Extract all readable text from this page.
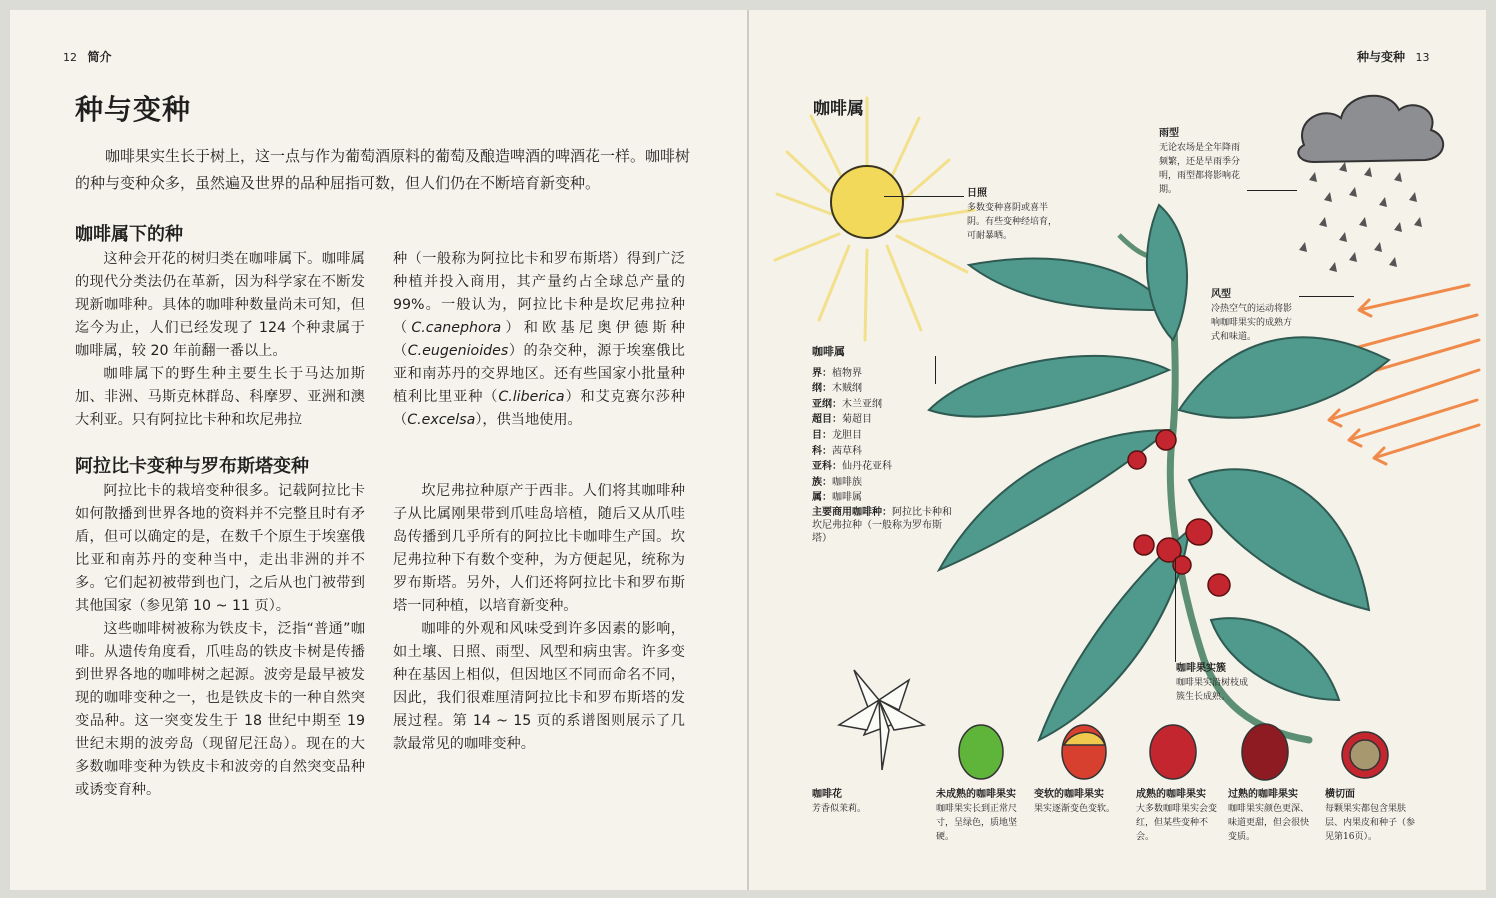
12 简介
种与变种

咖啡果实生长于树上，这一点与作为葡萄酒原料的葡萄及酿造啤酒的啤酒花一样。咖啡树的种与变种众多，虽然遍及世界的品种屈指可数，但人们仍在不断培育新变种。

咖啡属下的种

这种会开花的树归类在咖啡属下。咖啡属的现代分类法仍在革新，因为科学家在不断发现新咖啡种。具体的咖啡种数量尚未可知，但迄今为止，人们已经发现了 124 个种隶属于咖啡属，较 20 年前翻一番以上。

咖啡属下的野生种主要生长于马达加斯加、非洲、马斯克林群岛、科摩罗、亚洲和澳大利亚。只有阿拉比卡种和坎尼弗拉

种（一般称为阿拉比卡和罗布斯塔）得到广泛种植并投入商用，其产量约占全球总产量的 99%。一般认为，阿拉比卡种是坎尼弗拉种（C.canephora）和欧基尼奥伊德斯种（C.eugenioides）的杂交种，源于埃塞俄比亚和南苏丹的交界地区。还有些国家小批量种植利比里亚种（C.liberica）和艾克赛尔莎种（C.excelsa），供当地使用。

阿拉比卡变种与罗布斯塔变种

阿拉比卡的栽培变种很多。记载阿拉比卡如何散播到世界各地的资料并不完整且时有矛盾，但可以确定的是，在数千个原生于埃塞俄比亚和南苏丹的变种当中，走出非洲的并不多。它们起初被带到也门，之后从也门被带到其他国家（参见第 10 ~ 11 页）。

这些咖啡树被称为铁皮卡，泛指“普通”咖啡。从遗传角度看，爪哇岛的铁皮卡树是传播到世界各地的咖啡树之起源。波旁是最早被发现的咖啡变种之一，也是铁皮卡的一种自然突变品种。这一突变发生于 18 世纪中期至 19 世纪末期的波旁岛（现留尼汪岛）。现在的大多数咖啡变种为铁皮卡和波旁的自然突变品种或诱变育种。

坎尼弗拉种原产于西非。人们将其咖啡种子从比属刚果带到爪哇岛培植，随后又从爪哇岛传播到几乎所有的阿拉比卡咖啡生产国。坎尼弗拉种下有数个变种，为方便起见，统称为罗布斯塔。另外，人们还将阿拉比卡和罗布斯塔一同种植，以培育新变种。

咖啡的外观和风味受到许多因素的影响，如土壤、日照、雨型、风型和病虫害。许多变种在基因上相似，但因地区不同而命名不同，因此，我们很难厘清阿拉比卡和罗布斯塔的发展过程。第 14 ~ 15 页的系谱图则展示了几款最常见的咖啡变种。

种与变种 13
咖啡属
日照
多数变种喜阴或喜半阴。有些变种经培育，可耐暴晒。
雨型
无论农场是全年降雨频繁，还是旱雨季分明，雨型都将影响花期。
风型
冷热空气的运动将影响咖啡果实的成熟方式和味道。
咖啡属
界：植物界
纲：木贼纲
亚纲：木兰亚纲
超目：菊超目
目：龙胆目
科：茜草科
亚科：仙丹花亚科
族：咖啡族
属：咖啡属
主要商用咖啡种：阿拉比卡种和坎尼弗拉种（一般称为罗布斯塔）
咖啡果实簇
咖啡果实沿树枝成簇生长成熟。
咖啡花
芳香似茉莉。
未成熟的咖啡果实
咖啡果实长到正常尺寸，呈绿色，质地坚硬。
变软的咖啡果实
果实逐渐变色变软。
成熟的咖啡果实
大多数咖啡果实会变红，但某些变种不会。
过熟的咖啡果实
咖啡果实颜色更深、味道更甜，但会很快变质。
横切面
每颗果实都包含果肤层、内果皮和种子（参见第16页）。
